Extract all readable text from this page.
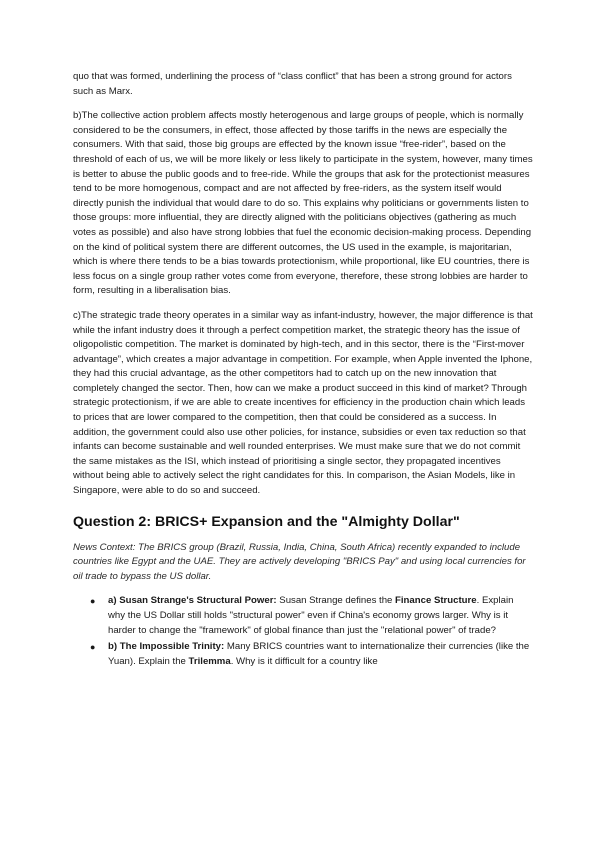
quo that was formed, underlining the process of “class conflict” that has been a strong ground for actors such as Marx.

b)The collective action problem affects mostly heterogenous and large groups of people, which is normally considered to be the consumers, in effect, those affected by those tariffs in the news are especially the consumers. With that said, those big groups are effected by the known issue “free-rider”, based on the threshold of each of us, we will be more likely or less likely to participate in the system, however, many times is better to abuse the public goods and to free-ride. While the groups that ask for the protectionist measures tend to be more homogenous, compact and are not affected by free-riders, as the system itself would directly punish the individual that would dare to do so. This explains why politicians or governments listen to those groups: more influential, they are directly aligned with the politicians objectives (gathering as much votes as possible) and also have strong lobbies that fuel the economic decision-making process. Depending on the kind of political system there are different outcomes, the US used in the example, is majoritarian, which is where there tends to be a bias towards protectionism, while proportional, like EU countries, there is less focus on a single group rather votes come from everyone, therefore, these strong lobbies are harder to form, resulting in a liberalisation bias.

c)The strategic trade theory operates in a similar way as infant-industry, however, the major difference is that while the infant industry does it through a perfect competition market, the strategic theory has the issue of oligopolistic competition. The market is dominated by high-tech, and in this sector, there is the “First-mover advantage”, which creates a major advantage in competition. For example, when Apple invented the Iphone, they had this crucial advantage, as the other competitors had to catch up on the new innovation that completely changed the sector. Then, how can we make a product succeed in this kind of market? Through strategic protectionism, if we are able to create incentives for efficiency in the production chain which leads to prices that are lower compared to the competition, then that could be considered as a success. In addition, the government could also use other policies, for instance, subsidies or even tax reduction so that infants can become sustainable and well rounded enterprises. We must make sure that we do not commit the same mistakes as the ISI, which instead of prioritising a single sector, they propagated incentives without being able to actively select the right candidates for this. In comparison, the Asian Models, like in Singapore, were able to do so and succeed.

Question 2: BRICS+ Expansion and the "Almighty Dollar"

News Context: The BRICS group (Brazil, Russia, India, China, South Africa) recently expanded to include countries like Egypt and the UAE. They are actively developing "BRICS Pay" and using local currencies for oil trade to bypass the US dollar.

● a) Susan Strange's Structural Power: Susan Strange defines the Finance Structure. Explain why the US Dollar still holds "structural power" even if China's economy grows larger. Why is it harder to change the "framework" of global finance than just the "relational power" of trade?
● b) The Impossible Trinity: Many BRICS countries want to internationalize their currencies (like the Yuan). Explain the Trilemma. Why is it difficult for a country like
